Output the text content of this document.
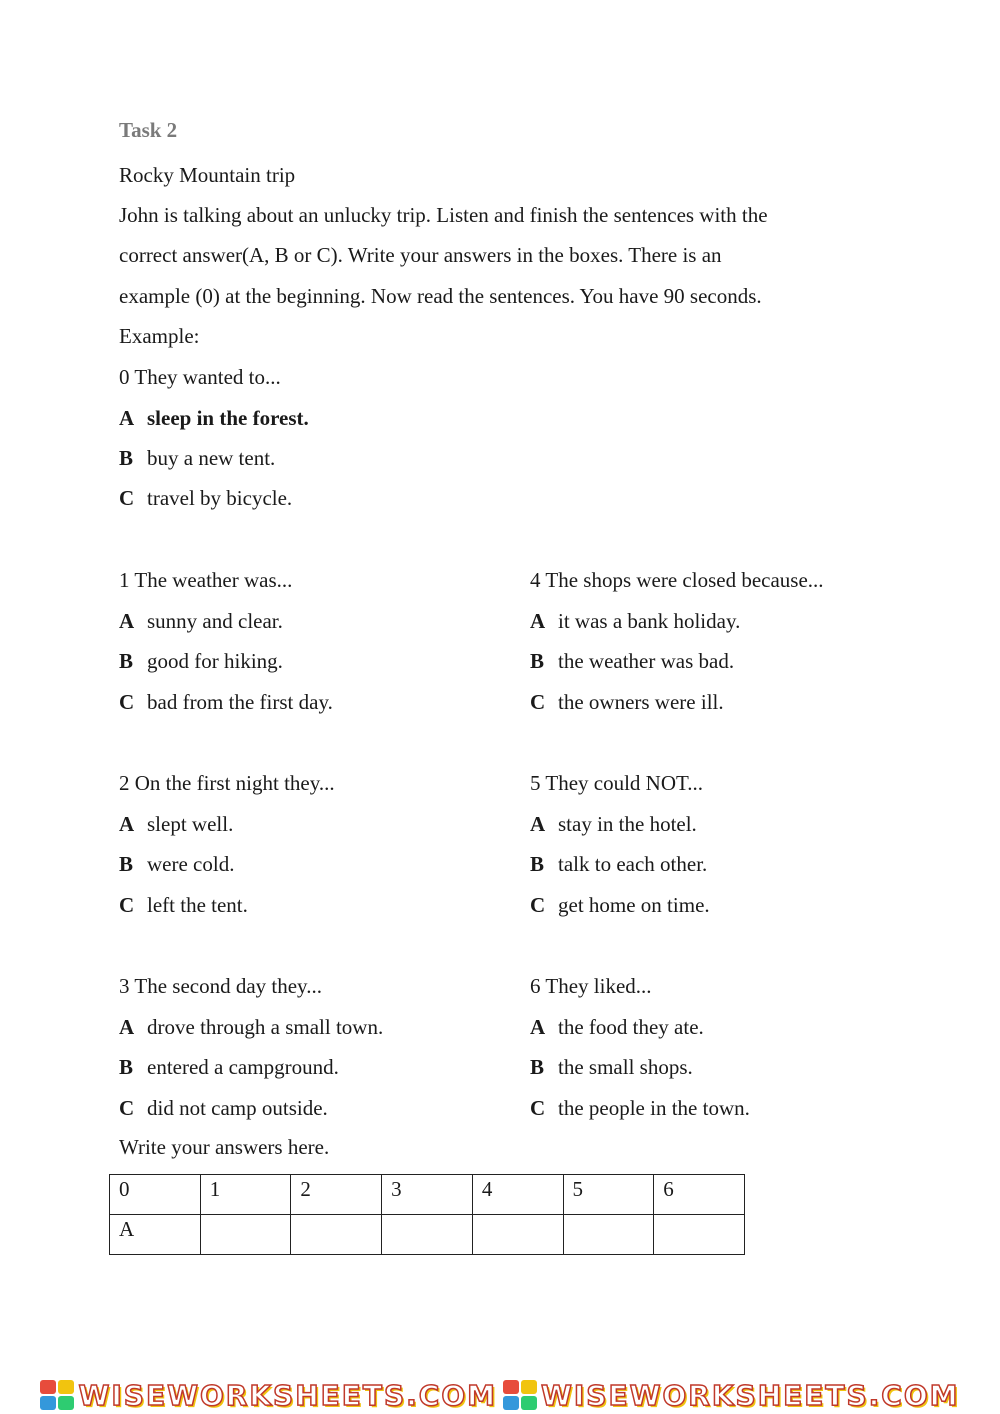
Task 2
Rocky Mountain trip
John is talking about an unlucky trip. Listen and finish the sentences with the
correct answer(A, B or C). Write your answers in the boxes. There is an
example (0) at the beginning. Now read the sentences. You have 90 seconds.
Example:
0 They wanted to...
A sleep in the forest.
B buy a new tent.
C travel by bicycle.
1 The weather was...
A sunny and clear.
B good for hiking.
C bad from the first day.
4 The shops were closed because...
A it was a bank holiday.
B the weather was bad.
C the owners were ill.
2 On the first night they...
A slept well.
B were cold.
C left the tent.
5 They could NOT...
A stay in the hotel.
B talk to each other.
C get home on time.
3 The second day they...
A drove through a small town.
B entered a campground.
C did not camp outside.
6 They liked...
A the food they ate.
B the small shops.
C the people in the town.
Write your answers here.
0	1	2	3	4	5	6
A						
WISEWORKSHEETS.COM WISEWORKSHEETS.COM
